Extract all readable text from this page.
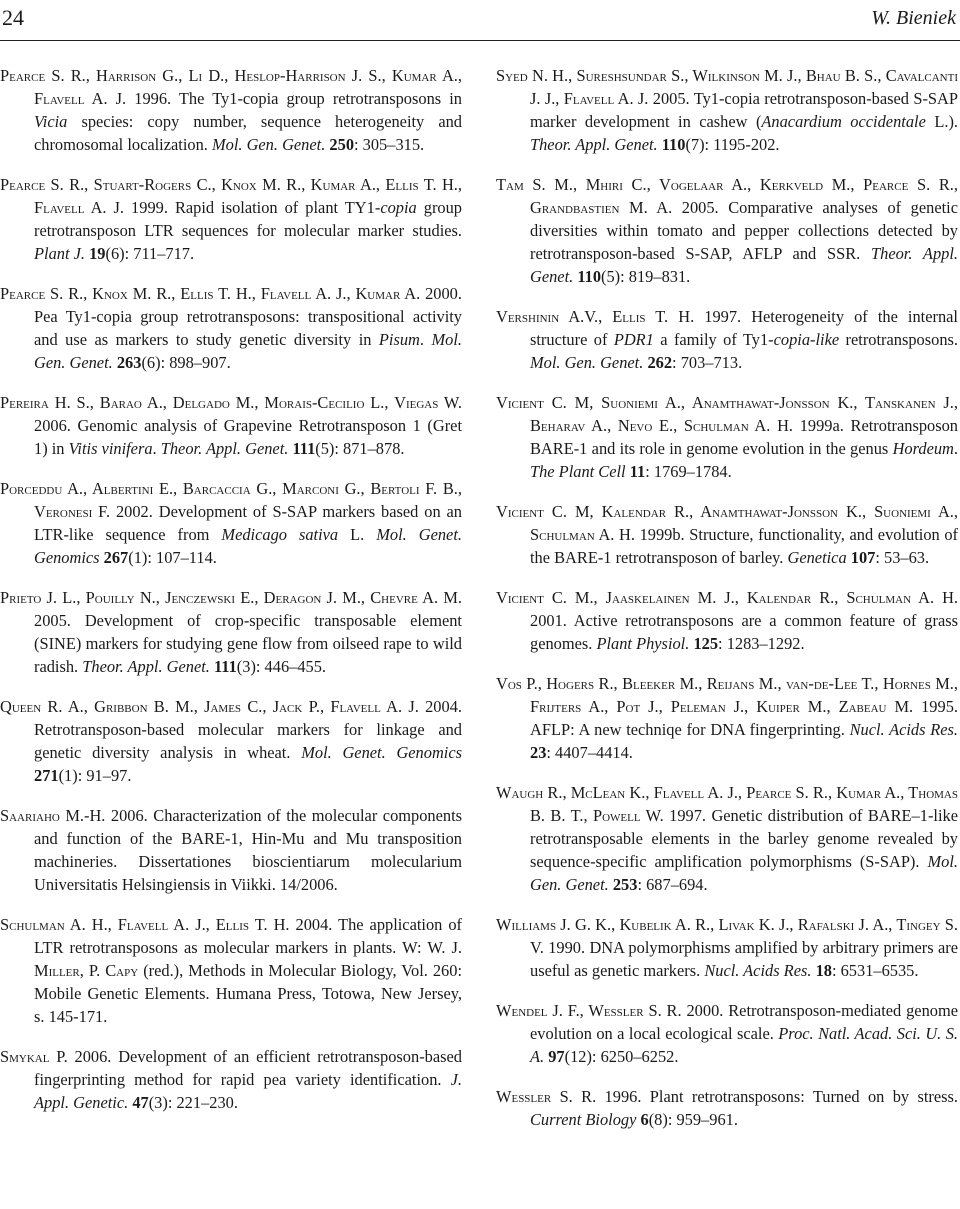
24	W. Bieniek

Pearce S. R., Harrison G., Li D., Heslop-Harrison J. S., Kumar A., Flavell A. J. 1996. The Ty1-copia group retrotransposons in Vicia species: copy number, sequence heterogeneity and chromosomal localization. Mol. Gen. Genet. 250: 305–315.

Pearce S. R., Stuart-Rogers C., Knox M. R., Kumar A., Ellis T. H., Flavell A. J. 1999. Rapid isolation of plant TY1-copia group retrotransposon LTR sequences for molecular marker studies. Plant J. 19(6): 711–717.

Pearce S. R., Knox M. R., Ellis T. H., Flavell A. J., Kumar A. 2000. Pea Ty1-copia group retrotransposons: transpositional activity and use as markers to study genetic diversity in Pisum. Mol. Gen. Genet. 263(6): 898–907.

Pereira H. S., Barao A., Delgado M., Morais-Cecilio L., Viegas W. 2006. Genomic analysis of Grapevine Retrotransposon 1 (Gret 1) in Vitis vinifera. Theor. Appl. Genet. 111(5): 871–878.

Porceddu A., Albertini E., Barcaccia G., Marconi G., Bertoli F. B., Veronesi F. 2002. Development of S-SAP markers based on an LTR-like sequence from Medicago sativa L. Mol. Genet. Genomics 267(1): 107–114.

Prieto J. L., Pouilly N., Jenczewski E., Deragon J. M., Chevre A. M. 2005. Development of crop-specific transposable element (SINE) markers for studying gene flow from oilseed rape to wild radish. Theor. Appl. Genet. 111(3): 446–455.

Queen R. A., Gribbon B. M., James C., Jack P., Flavell A. J. 2004. Retrotransposon-based molecular markers for linkage and genetic diversity analysis in wheat. Mol. Genet. Genomics 271(1): 91–97.

Saariaho M.-H. 2006. Characterization of the molecular components and function of the BARE-1, Hin-Mu and Mu transposition machineries. Dissertationes bioscientiarum molecularium Universitatis Helsingiensis in Viikki. 14/2006.

Schulman A. H., Flavell A. J., Ellis T. H. 2004. The application of LTR retrotransposons as molecular markers in plants. W: W. J. Miller, P. Capy (red.), Methods in Molecular Biology, Vol. 260: Mobile Genetic Elements. Humana Press, Totowa, New Jersey, s. 145-171.

Smykal P. 2006. Development of an efficient retrotransposon-based fingerprinting method for rapid pea variety identification. J. Appl. Genetic. 47(3): 221–230.

Syed N. H., Sureshsundar S., Wilkinson M. J., Bhau B. S., Cavalcanti J. J., Flavell A. J. 2005. Ty1-copia retrotransposon-based S-SAP marker development in cashew (Anacardium occidentale L.). Theor. Appl. Genet. 110(7): 1195-202.

Tam S. M., Mhiri C., Vogelaar A., Kerkveld M., Pearce S. R., Grandbastien M. A. 2005. Comparative analyses of genetic diversities within tomato and pepper collections detected by retrotransposon-based S-SAP, AFLP and SSR. Theor. Appl. Genet. 110(5): 819–831.

Vershinin A.V., Ellis T. H. 1997. Heterogeneity of the internal structure of PDR1 a family of Ty1-copia-like retrotransposons. Mol. Gen. Genet. 262: 703–713.

Vicient C. M, Suoniemi A., Anamthawat-Jonsson K., Tanskanen J., Beharav A., Nevo E., Schulman A. H. 1999a. Retrotransposon BARE-1 and its role in genome evolution in the genus Hordeum. The Plant Cell 11: 1769–1784.

Vicient C. M, Kalendar R., Anamthawat-Jonsson K., Suoniemi A., Schulman A. H. 1999b. Structure, functionality, and evolution of the BARE-1 retrotransposon of barley. Genetica 107: 53–63.

Vicient C. M., Jaaskelainen M. J., Kalendar R., Schulman A. H. 2001. Active retrotransposons are a common feature of grass genomes. Plant Physiol. 125: 1283–1292.

Vos P., Hogers R., Bleeker M., Reijans M., van-de-Lee T., Hornes M., Frijters A., Pot J., Peleman J., Kuiper M., Zabeau M. 1995. AFLP: A new techniqe for DNA fingerprinting. Nucl. Acids Res. 23: 4407–4414.

Waugh R., McLean K., Flavell A. J., Pearce S. R., Kumar A., Thomas B. B. T., Powell W. 1997. Genetic distribution of BARE–1-like retrotransposable elements in the barley genome revealed by sequence-specific amplification polymorphisms (S-SAP). Mol. Gen. Genet. 253: 687–694.

Williams J. G. K., Kubelik A. R., Livak K. J., Rafalski J. A., Tingey S. V. 1990. DNA polymorphisms amplified by arbitrary primers are useful as genetic markers. Nucl. Acids Res. 18: 6531–6535.

Wendel J. F., Wessler S. R. 2000. Retrotransposon-mediated genome evolution on a local ecological scale. Proc. Natl. Acad. Sci. U. S. A. 97(12): 6250–6252.

Wessler S. R. 1996. Plant retrotransposons: Turned on by stress. Current Biology 6(8): 959–961.
